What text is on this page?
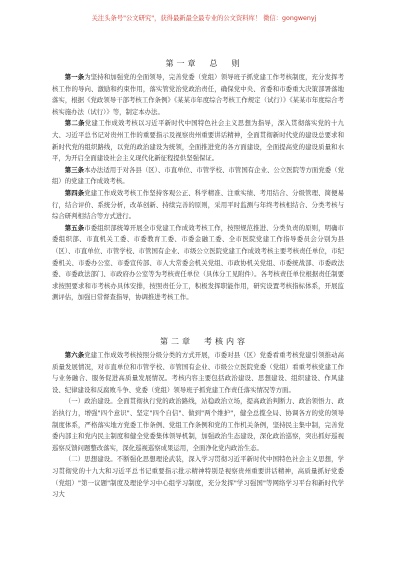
关注头条号"公文研究"，获得最新最全最专业的公文资料库！ 微信：gongwenyj
第一章　总　则

第一条为坚持和加强党的全面领导，完善党委（党组）领导班子抓党建工作考核制度，充分发挥考核工作的导向、激励和约束作用，落实管党治党政治责任，确保党中央、省委和市委重大决策部署落地落实，根据《党政领导干部考核工作条例》《某某市年度综合考核工作规定（试行）》《某某市年度综合考核实施办法（试行）》等，制定本办法。

第二条党建工作成效考核以习近平新时代中国特色社会主义思想为指导，深入贯彻落实党的十九大、习近平总书记对贵州工作的重要指示及视察贵州重要讲话精神，全面贯彻新时代党的建设总要求和新时代党的组织路线，以党的政治建设为统领，全面推进党的各方面建设，全面提高党的建设质量和水平，为开启全面建设社会主义现代化新征程提供坚强保证。

第三条本办法适用于对各县（区）、市直单位、市管学校、市管国有企业、公立医院等方面党委（党组）的党建工作成效考核。

第四条党建工作成效考核工作坚持客观公正、科学精准、注重实绩、考用结合、分级管理、简便易行，结合评价、系统分析，改革创新、持续完善的原则，采用平时监测与年终考核相结合、分类考核与综合研判相结合等方式进行。

第五条市委组织部统筹开展全市党建工作成效考核工作，按照规范推进、分类负责的原则，明确市委组织部、市直机关工委、市委教育工委、市委金融工委、全市医院党建工作指导委员会分别为县（区）、市直单位、市管学校、市管国有企业、市级公立医院党建工作成效考核主要考核责任单位，市纪委机关、市委办公室、市委宣传部、市人大常委会机关党组、市政协机关党组、市委统战部、市委政法委、市委政法部门、市政府办公室等为考核责任单位（具体分工见附件）。各考核责任单位根据责任制要求按照要求和市考核办具体安排，按照责任分工，积极发挥职能作用，研究设置考核指标体系，开展监测评估，加强日常督查指导，协调推进考核工作。

第二章　考核内容

第六条党建工作成效考核按照分级分类的方式开展，市委对县（区）党委看重考核党建引领推动高质量发展情况，对市直单位和市管学校、市管国有企业、市级公立医院党委（党组）看重考核党建工作与业务融合、服务促进高质量发展情况。考核内容主要包括政治建设、思想建设、组织建设、作风建设、纪律建设和反腐败斗争、党委（党组）领导班子抓党建工作责任落实情况等方面。

（一）政治建设。全面贯彻执行党的政治路线，站稳政治立场，提高政治判断力、政治领悟力、政治执行力，增强"四个意识"、坚定"四个自信"、做到"两个维护"，健全总揽全局、协调各方的党的领导制度体系，严格落实地方党委工作条例、党组工作条例和党的工作机关条例，坚持民主集中制，完善党委内部主和党内民主制度和健全党委集体领导机制，加强政治生态建设，深化政治巡察，突出抓好巡视巡察反馈问题整改落实，深化巡视巡察成果运用，全面净化党内政治生态。

（二）思想建设。不断强化思想理论武装，深入学习贯彻习近平新时代中国特色社会主义思想，学习贯彻党的十九大和习近平总书记重要指示批示精神特别是视察贵州重要讲话精神，高质量抓好党委（党组）"第一议题"制度及理论学习中心组学习制度，充分发挥"学习强国"等网络学习平台和新时代学习大
